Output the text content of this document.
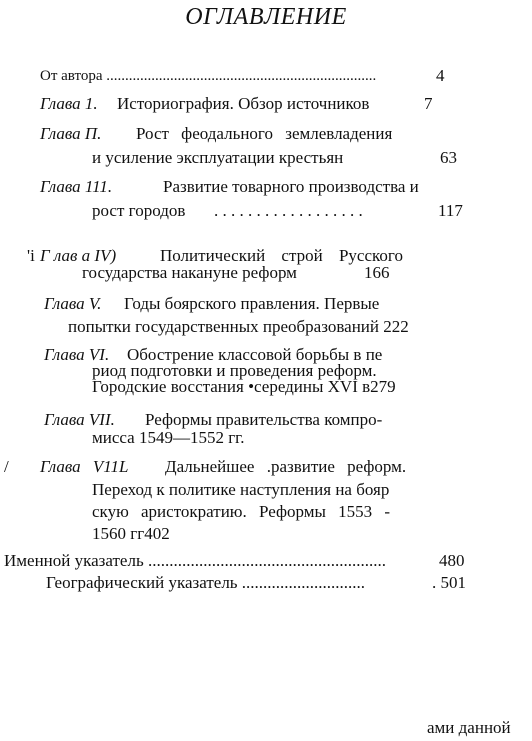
ОГЛАВЛЕНИЕ
От автора ........................................................................	4
Глава 1. Историография. Обзор источников	7
Глава П. Рост феодального землевладения
и усиление эксплуатации крестьян	63
Глава 111.	Развитие товарного производства и
рост городов . . . . . . . . . . . . . . . . . .	117
'i Г лав а IV)	Политический строй Русского
государства накануне реформ	166
Глава V. Годы боярского правления. Первые
попытки государственных преобразований 222
Глава VI. Обострение классовой борьбы в пе
риод подготовки и проведения реформ.
Городские восстания •середины XVI в279
Глава VII. Реформы правительства компро-
мисса 1549—1552 гг.
/ Глава V11L Дальнейшее .развитие реформ.
Переход к политике наступления на бояр
скую аристократию. Реформы 1553 -
1560 гг402
Именной указатель ........................................................	480
Географический указатель .............................	. 501
ами данной
